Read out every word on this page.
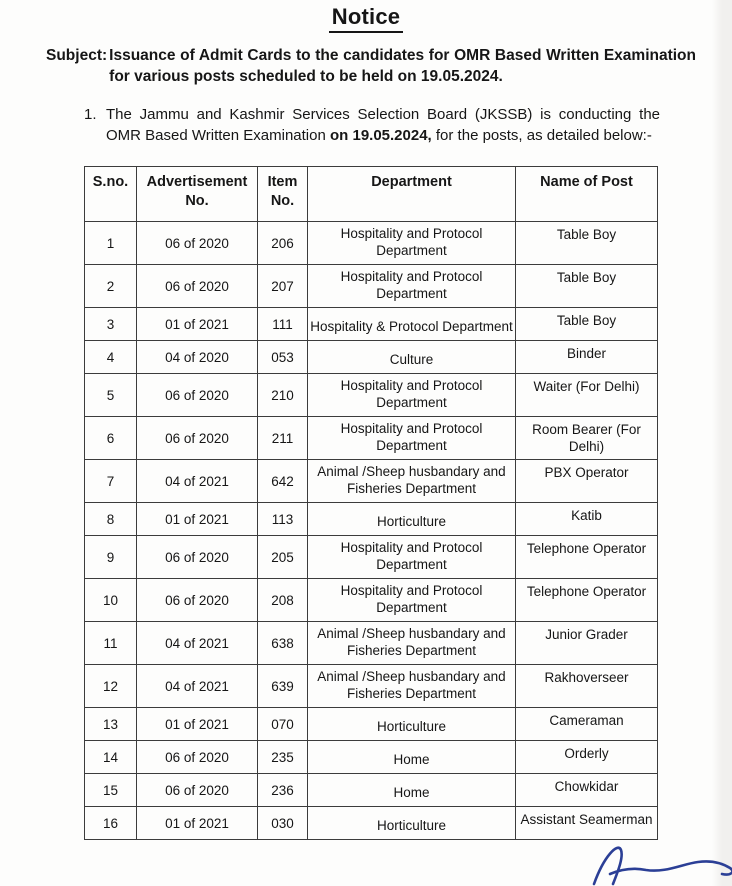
Notice
Subject: Issuance of Admit Cards to the candidates for OMR Based Written Examination for various posts scheduled to be held on 19.05.2024.
1. The Jammu and Kashmir Services Selection Board (JKSSB) is conducting the OMR Based Written Examination on 19.05.2024, for the posts, as detailed below:-
S.no.	Advertisement No.	Item No.	Department	Name of Post
1	06 of 2020	206	Hospitality and Protocol Department	Table Boy
2	06 of 2020	207	Hospitality and Protocol Department	Table Boy
3	01 of 2021	111	Hospitality & Protocol Department	Table Boy
4	04 of 2020	053	Culture	Binder
5	06 of 2020	210	Hospitality and Protocol Department	Waiter (For Delhi)
6	06 of 2020	211	Hospitality and Protocol Department	Room Bearer (For Delhi)
7	04 of 2021	642	Animal /Sheep husbandary and Fisheries Department	PBX Operator
8	01 of 2021	113	Horticulture	Katib
9	06 of 2020	205	Hospitality and Protocol Department	Telephone Operator
10	06 of 2020	208	Hospitality and Protocol Department	Telephone Operator
11	04 of 2021	638	Animal /Sheep husbandary and Fisheries Department	Junior Grader
12	04 of 2021	639	Animal /Sheep husbandary and Fisheries Department	Rakhoverseer
13	01 of 2021	070	Horticulture	Cameraman
14	06 of 2020	235	Home	Orderly
15	06 of 2020	236	Home	Chowkidar
16	01 of 2021	030	Horticulture	Assistant Seamerman
